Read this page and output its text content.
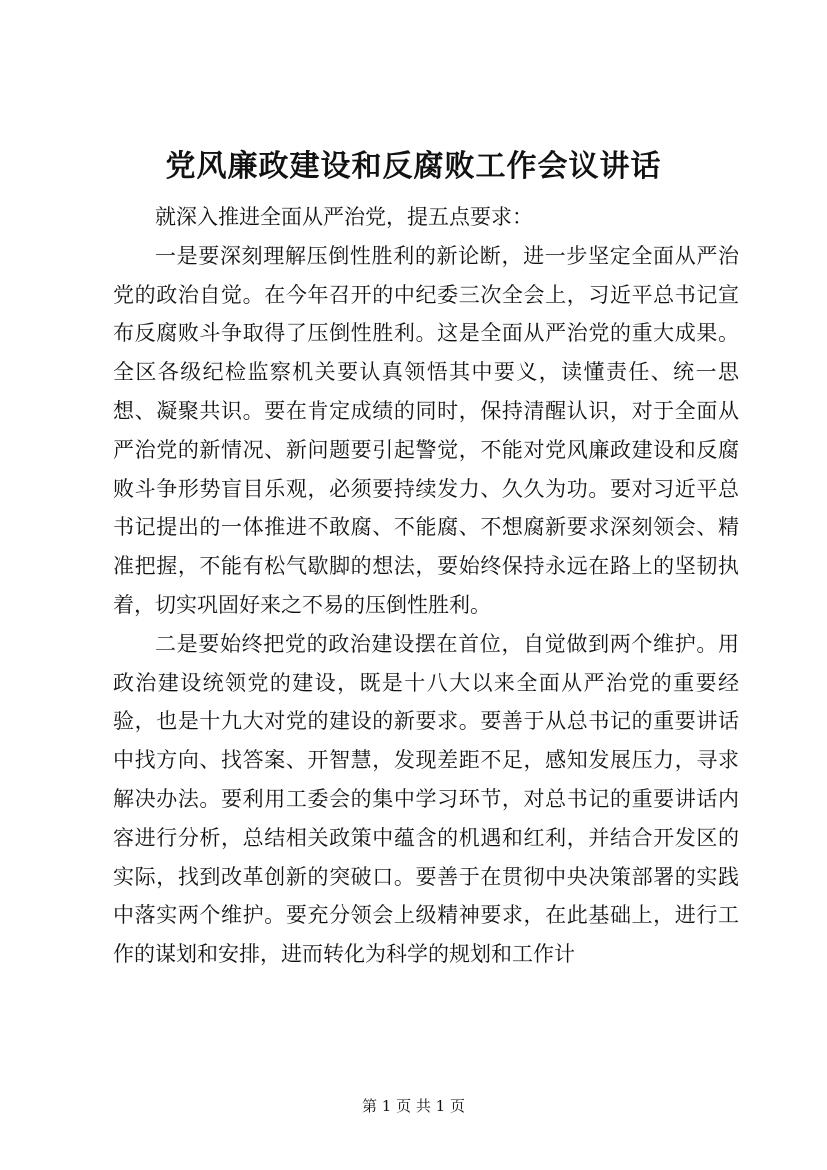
党风廉政建设和反腐败工作会议讲话

就深入推进全面从严治党，提五点要求：

一是要深刻理解压倒性胜利的新论断，进一步坚定全面从严治党的政治自觉。在今年召开的中纪委三次全会上，习近平总书记宣布反腐败斗争取得了压倒性胜利。这是全面从严治党的重大成果。全区各级纪检监察机关要认真领悟其中要义，读懂责任、统一思想、凝聚共识。要在肯定成绩的同时，保持清醒认识，对于全面从严治党的新情况、新问题要引起警觉，不能对党风廉政建设和反腐败斗争形势盲目乐观，必须要持续发力、久久为功。要对习近平总书记提出的一体推进不敢腐、不能腐、不想腐新要求深刻领会、精准把握，不能有松气歇脚的想法，要始终保持永远在路上的坚韧执着，切实巩固好来之不易的压倒性胜利。

二是要始终把党的政治建设摆在首位，自觉做到两个维护。用政治建设统领党的建设，既是十八大以来全面从严治党的重要经验，也是十九大对党的建设的新要求。要善于从总书记的重要讲话中找方向、找答案、开智慧，发现差距不足，感知发展压力，寻求解决办法。要利用工委会的集中学习环节，对总书记的重要讲话内容进行分析，总结相关政策中蕴含的机遇和红利，并结合开发区的实际，找到改革创新的突破口。要善于在贯彻中央决策部署的实践中落实两个维护。要充分领会上级精神要求，在此基础上，进行工作的谋划和安排，进而转化为科学的规划和工作计

第 1 页 共 1 页
